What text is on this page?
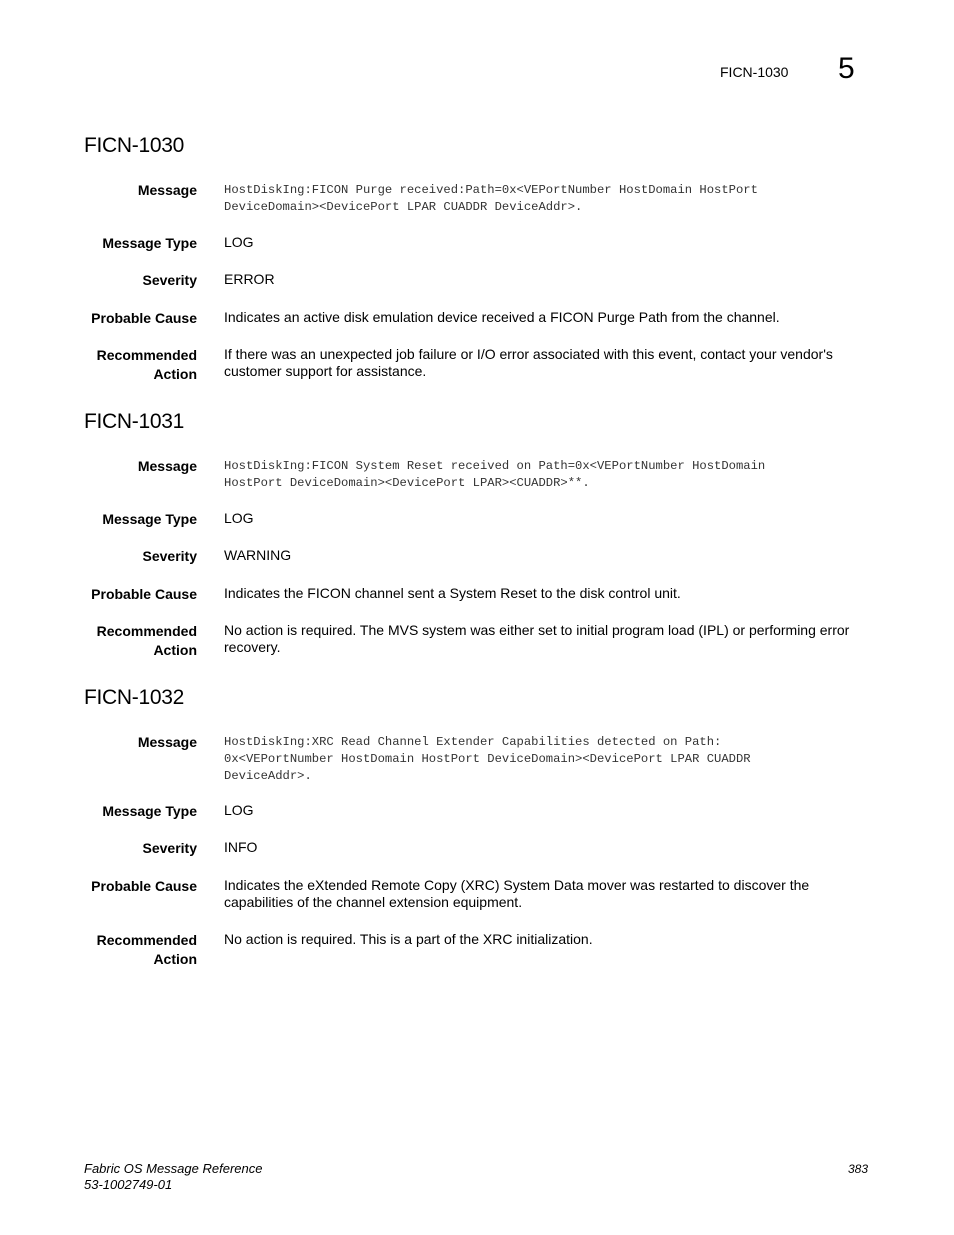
FICN-1030 5
FICN-1030
Message HostDiskIng:FICON Purge received:Path=0x<VEPortNumber HostDomain HostPort
DeviceDomain><DevicePort LPAR CUADDR DeviceAddr>.
Message Type LOG
Severity ERROR
Probable Cause Indicates an active disk emulation device received a FICON Purge Path from the channel.
Recommended
Action
If there was an unexpected job failure or I/O error associated with this event, contact your vendor's
customer support for assistance.
FICN-1031
Message HostDiskIng:FICON System Reset received on Path=0x<VEPortNumber HostDomain
HostPort DeviceDomain><DevicePort LPAR><CUADDR>**.
Message Type LOG
Severity WARNING
Probable Cause Indicates the FICON channel sent a System Reset to the disk control unit.
Recommended
Action
No action is required. The MVS system was either set to initial program load (IPL) or performing error
recovery.
FICN-1032
Message HostDiskIng:XRC Read Channel Extender Capabilities detected on Path:
0x<VEPortNumber HostDomain HostPort DeviceDomain><DevicePort LPAR CUADDR
DeviceAddr>.
Message Type LOG
Severity INFO
Probable Cause Indicates the eXtended Remote Copy (XRC) System Data mover was restarted to discover the
capabilities of the channel extension equipment.
Recommended
Action
No action is required. This is a part of the XRC initialization.
Fabric OS Message Reference
53-1002749-01
383
